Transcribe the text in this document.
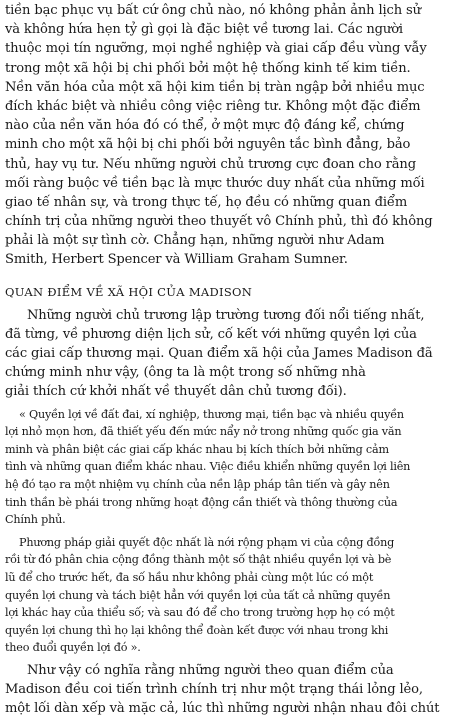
tiền bạc phục vụ bất cứ ông chủ nào, nó không phản ảnh lịch sử
và không hứa hẹn tỷ gì gọi là đặc biệt về tương lai. Các người
thuộc mọi tín ngưỡng, mọi nghề nghiệp và giai cấp đều vùng vẫy
trong một xã hội bị chi phối bởi một hệ thống kinh tế kim tiền.
Nền văn hóa của một xã hội kim tiền bị tràn ngập bởi nhiều mục
đích khác biệt và nhiều công việc riêng tư. Không một đặc điểm
nào của nền văn hóa đó có thể, ở một mực độ đáng kể, chứng
minh cho một xã hội bị chi phối bởi nguyên tắc bình đẳng, bảo
thủ, hay vụ tư. Nếu những người chủ trương cực đoan cho rằng
mối ràng buộc về tiền bạc là mực thước duy nhất của những mối
giao tế nhân sự, và trong thực tế, họ đều có những quan điểm
chính trị của những người theo thuyết vô Chính phủ, thì đó không
phải là một sự tình cờ. Chẳng hạn, những người như Adam
Smith, Herbert Spencer và William Graham Sumner.
QUAN ĐIỂM VỀ XÃ HỘI CỦA MADISON
Những người chủ trương lập trường tương đối nổi tiếng nhất,
đã từng, về phương diện lịch sử, cố kết với những quyền lợi của
các giai cấp thương mại. Quan điểm xã hội của James Madison đã
chứng minh như vậy, (ông ta là một trong số những nhà
giải thích cứ khởi nhất về thuyết dân chủ tương đối).
« Quyền lợi về đất đai, xí nghiệp, thương mại, tiền bạc và nhiều quyền
lợi nhỏ mọn hơn, đã thiết yếu đến mức nẩy nở trong những quốc gia văn
minh và phân biệt các giai cấp khác nhau bị kích thích bởi những cảm
tình và những quan điểm khác nhau. Việc điều khiển những quyền lợi liên
hệ đó tạo ra một nhiệm vụ chính của nền lập pháp tân tiến và gây nên
tinh thần bè phái trong những hoạt động cần thiết và thông thường của
Chính phủ.
Phương pháp giải quyết độc nhất là nới rộng phạm vi của cộng đồng
rồi từ đó phân chia cộng đồng thành một số thật nhiều quyền lợi và bè
lũ để cho trước hết, đa số hầu như không phải cùng một lúc có một
quyền lợi chung và tách biệt hẳn với quyền lợi của tất cả những quyền
lợi khác hay của thiểu số; và sau đó để cho trong trường hợp họ có một
quyền lợi chung thì họ lại không thể đoàn kết được với nhau trong khi
theo đuổi quyền lợi đó ».
Như vậy có nghĩa rằng những người theo quan điểm của
Madison đều coi tiến trình chính trị như một trạng thái lỏng lẻo,
một lối dàn xếp và mặc cả, lúc thì những người nhận nhau đôi chút
